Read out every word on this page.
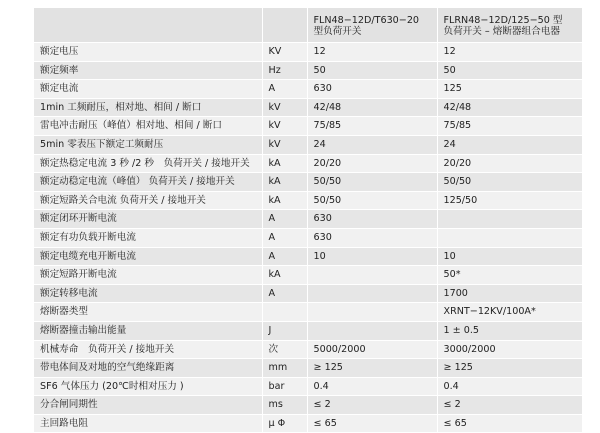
		FLN48−12D/T630−20
型负荷开关	FLRN48−12D/125−50 型
负荷开关 – 熔断器组合电器

额定电压	KV	12	12
额定频率	Hz	50	50
额定电流	A	630	125
1min 工频耐压，相对地、相间 / 断口	kV	42/48	42/48
雷电冲击耐压（峰值）相对地、相间 / 断口	kV	75/85	75/85
5min 零表压下额定工频耐压	kV	24	24
额定热稳定电流 3 秒 /2 秒　负荷开关 / 接地开关	kA	20/20	20/20
额定动稳定电流（峰值） 负荷开关 / 接地开关	kA	50/50	50/50
额定短路关合电流 负荷开关 / 接地开关	kA	50/50	125/50
额定闭环开断电流	A	630	
额定有功负载开断电流	A	630	
额定电缆充电开断电流	A	10	10
额定短路开断电流	kA		50*
额定转移电流	A		1700
熔断器类型			XRNT−12KV/100A*
熔断器撞击输出能量	J		1 ± 0.5
机械寿命　负荷开关 / 接地开关	次	5000/2000	3000/2000
带电体间及对地的空气绝缘距离	mm	≥ 125	≥ 125
SF6 气体压力 (20℃时相对压力 )	bar	0.4	0.4
分合闸同期性	ms	≤ 2	≤ 2
主回路电阻	μ Φ	≤ 65	≤ 65
